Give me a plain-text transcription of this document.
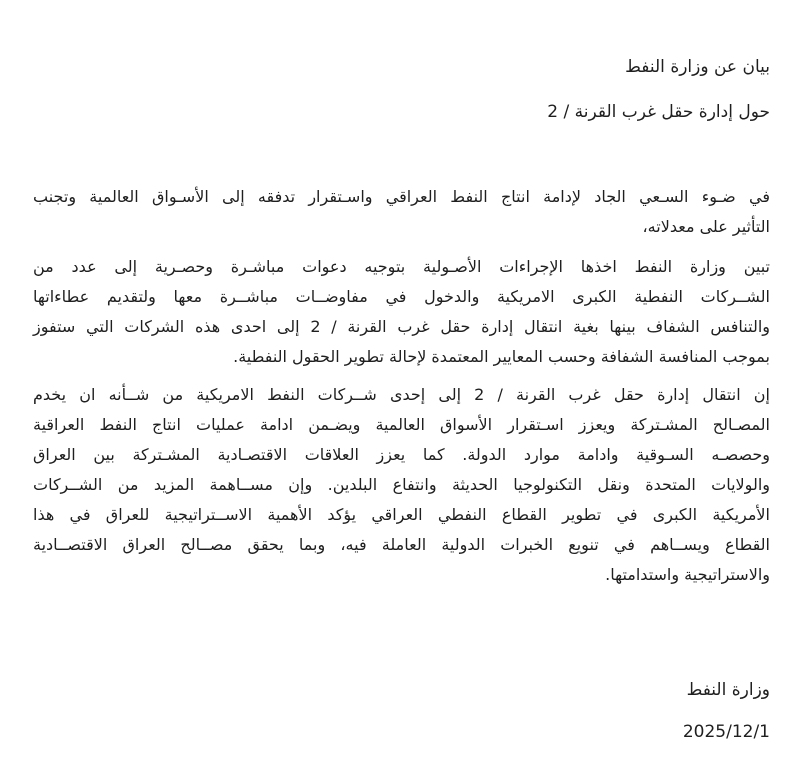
بيان عن وزارة النفط
حول إدارة حقل غرب القرنة / 2
في ضـوء السـعي الجاد لإدامة انتاج النفط العراقي واسـتقرار تدفقه إلى الأسـواق العالمية وتجنب
التأثير على معدلاته،
تبين وزارة النفط اخذها الإجراءات الأصـولية بتوجيه دعوات مباشـرة وحصـرية إلى عدد من
الشــركات النفطية الكبرى الامريكية والدخول في مفاوضــات مباشــرة معها ولتقديم عطاءاتها
والتنافس الشفاف بينها بغية انتقال إدارة حقل غرب القرنة / 2 إلى احدى هذه الشركات التي ستفوز
بموجب المنافسة الشفافة وحسب المعايير المعتمدة لإحالة تطوير الحقول النفطية.
إن انتقال إدارة حقل غرب القرنة / 2 إلى إحدى شــركات النفط الامريكية من شــأنه ان يخدم
المصـالح المشـتركة ويعزز اسـتقرار الأسواق العالمية ويضـمن ادامة عمليات انتاج النفط العراقية
وحصصـه السـوقية وادامة موارد الدولة. كما يعزز العلاقات الاقتصـادية المشـتركة بين العراق
والولايات المتحدة ونقل التكنولوجيا الحديثة وانتفاع البلدين. وإن مســاهمة المزيد من الشــركات
الأمريكية الكبرى في تطوير القطاع النفطي العراقي يؤكد الأهمية الاســتراتيجية للعراق في هذا
القطاع ويســاهم في تنويع الخبرات الدولية العاملة فيه، وبما يحقق مصــالح العراق الاقتصــادية
والاستراتيجية واستدامتها.
وزارة النفط
2025/12/1
